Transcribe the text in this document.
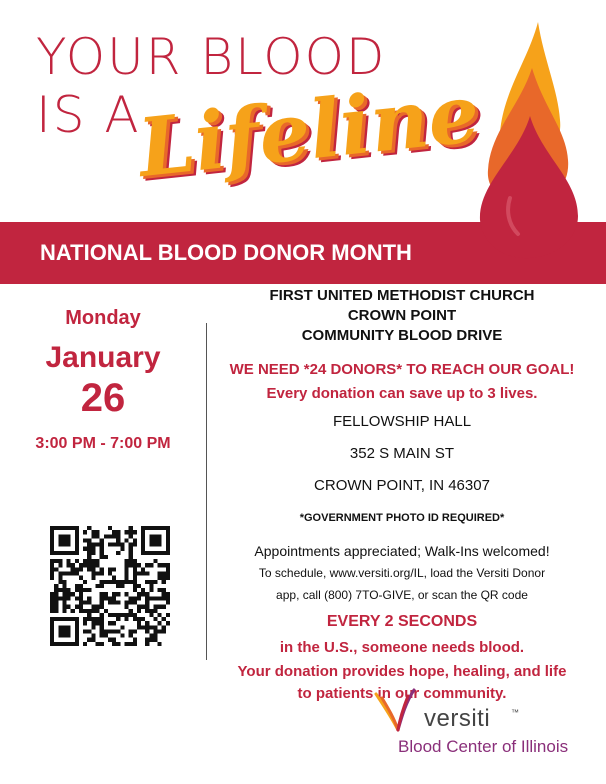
YOUR BLOOD
IS A
Lifeline
NATIONAL BLOOD DONOR MONTH
Monday
January
26
3:00 PM - 7:00 PM

FIRST UNITED METHODIST CHURCH

CROWN POINT

COMMUNITY BLOOD DRIVE

WE NEED *24 DONORS* TO REACH OUR GOAL!

Every donation can save up to 3 lives.

FELLOWSHIP HALL

352 S MAIN ST

CROWN POINT, IN 46307

*GOVERNMENT PHOTO ID REQUIRED*

Appointments appreciated; Walk-Ins welcomed!

To schedule, www.versiti.org/IL, load the Versiti Donor

app, call (800) 7TO-GIVE, or scan the QR code

EVERY 2 SECONDS

in the U.S., someone needs blood.

Your donation provides hope, healing, and life

to patients in our community.

versiti	™
Blood Center of Illinois
